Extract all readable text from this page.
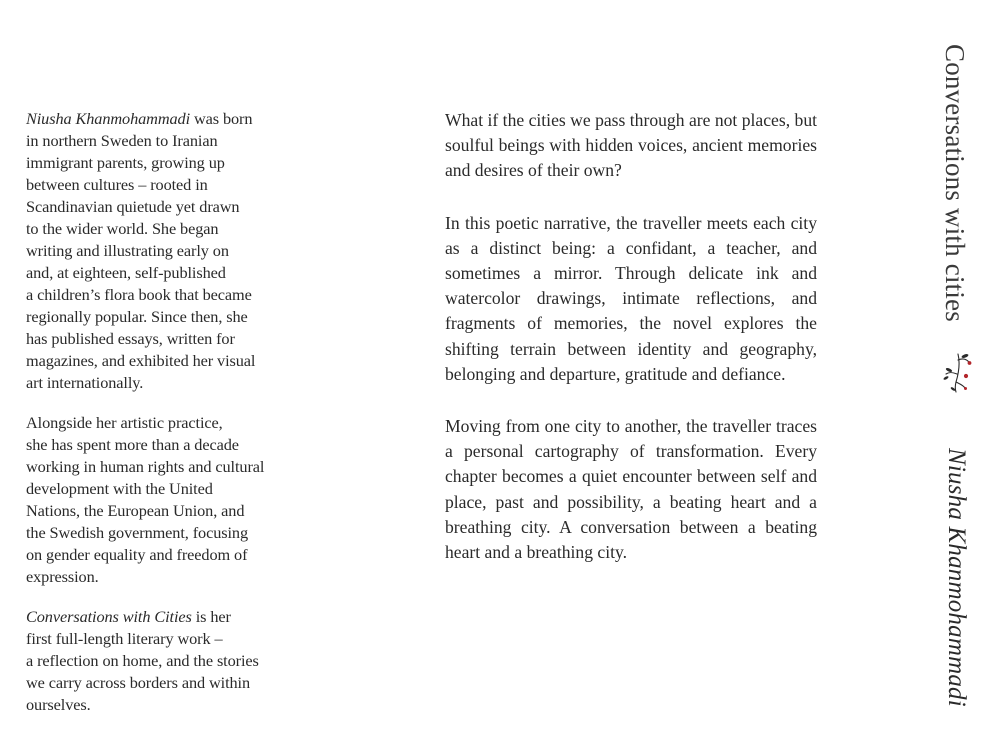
Niusha Khanmohammadi was born
in northern Sweden to Iranian
immigrant parents, growing up
between cultures – rooted in
Scandinavian quietude yet drawn
to the wider world. She began
writing and illustrating early on
and, at eighteen, self-published
a children’s flora book that became
regionally popular. Since then, she
has published essays, written for
magazines, and exhibited her visual
art internationally.

Alongside her artistic practice,
she has spent more than a decade
working in human rights and cultural
development with the United
Nations, the European Union, and
the Swedish government, focusing
on gender equality and freedom of
expression.

Conversations with Cities is her
first full-length literary work –
a reflection on home, and the stories
we carry across borders and within
ourselves.

What if the cities we pass through are not places, but soulful beings with hidden voices, ancient memories and desires of their own?

In this poetic narrative, the traveller meets each city as a distinct being: a confidant, a teacher, and sometimes a mirror. Through delicate ink and watercolor drawings, intimate reflections, and fragments of memories, the novel explores the shifting terrain between identity and geography, belonging and departure, gratitude and defiance.

Moving from one city to another, the traveller traces a personal cartography of transformation. Every chapter becomes a quiet encounter between self and place, past and possibility, a beating heart and a breathing city. A conversation between a beating heart and a breathing city.

Conversations with cities
Niusha Khanmohammadi
